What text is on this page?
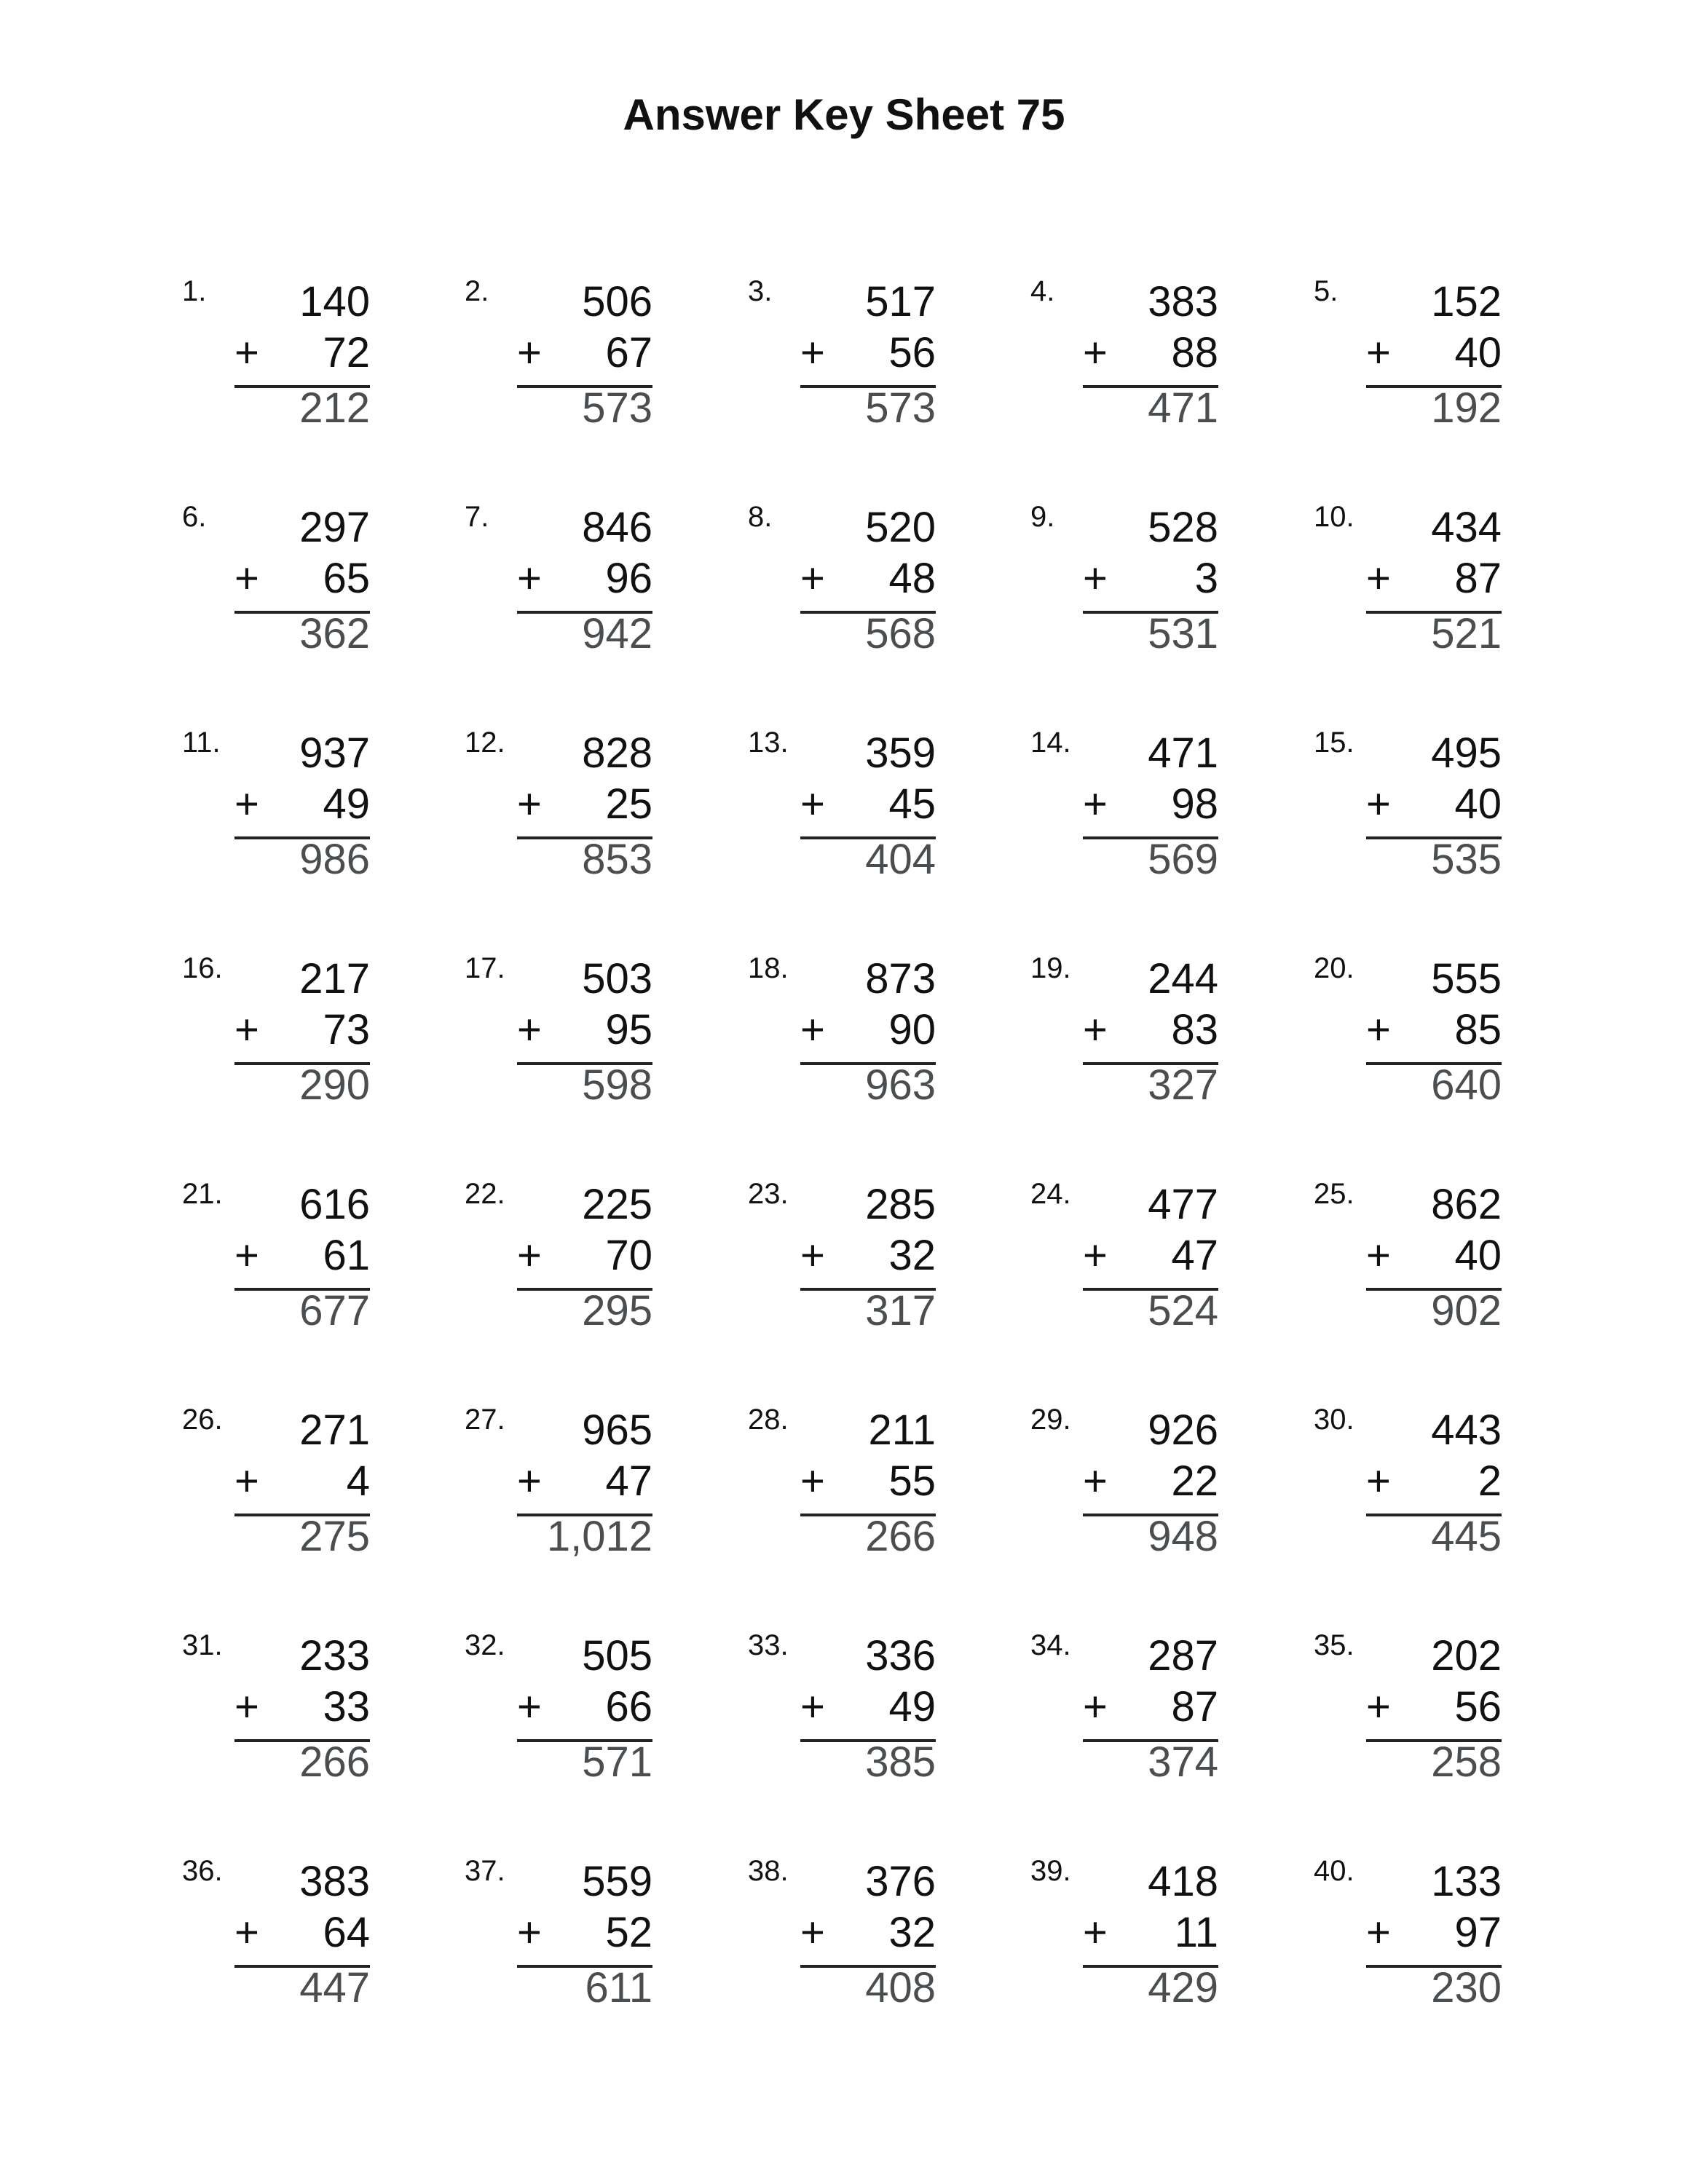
Answer Key Sheet 75
1. 140
+ 72
212
2. 506
+ 67
573
3. 517
+ 56
573
4. 383
+ 88
471
5. 152
+ 40
192
6. 297
+ 65
362
7. 846
+ 96
942
8. 520
+ 48
568
9. 528
+ 3
531
10. 434
+ 87
521
11. 937
+ 49
986
12. 828
+ 25
853
13. 359
+ 45
404
14. 471
+ 98
569
15. 495
+ 40
535
16. 217
+ 73
290
17. 503
+ 95
598
18. 873
+ 90
963
19. 244
+ 83
327
20. 555
+ 85
640
21. 616
+ 61
677
22. 225
+ 70
295
23. 285
+ 32
317
24. 477
+ 47
524
25. 862
+ 40
902
26. 271
+ 4
275
27. 965
+ 47
1,012
28. 211
+ 55
266
29. 926
+ 22
948
30. 443
+ 2
445
31. 233
+ 33
266
32. 505
+ 66
571
33. 336
+ 49
385
34. 287
+ 87
374
35. 202
+ 56
258
36. 383
+ 64
447
37. 559
+ 52
611
38. 376
+ 32
408
39. 418
+ 11
429
40. 133
+ 97
230
